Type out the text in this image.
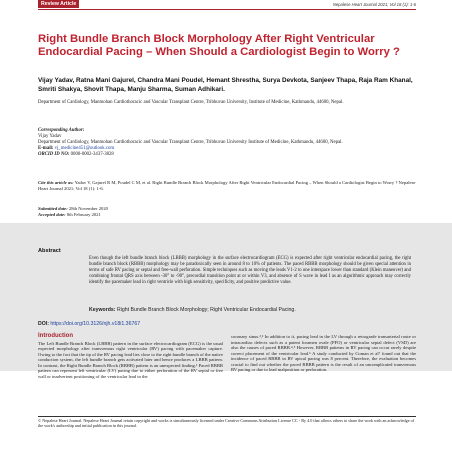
Review Article	Nepalese Heart Journal 2021; Vol 18 (1): 1-6
Right Bundle Branch Block Morphology After Right Ventricular Endocardial Pacing – When Should a Cardiologist Begin to Worry ?
Vijay Yadav, Ratna Mani Gajurel, Chandra Mani Poudel, Hemant Shrestha, Surya Devkota, Sanjeev Thapa, Raja Ram Khanal, Smriti Shakya, Shovit Thapa, Manju Sharma, Suman Adhikari.
Department of Cardiology, Manmohan Cardiothoracic and Vascular Transplant Centre, Tribhuvan University, Institute of Medicine, Kathmandu, 44600, Nepal.
Corresponding Author:
Vijay Yadav
Department of Cardiology, Manmohan Cardiothoracic and Vascular Transplant Centre, Tribhuvan University Institute of Medicine, Kathmandu, 44600, Nepal.
E-mail: vj_medicine451@outlook.com
ORCID ID NO: 0000-0002-3437-3828
Cite this article as: Yadav V, Gajurel R M, Poudel C M, et al. Right Bundle Branch Block Morphology After Right Ventricular Endocardial Pacing – When Should a Cardiologist Begin to Worry ? Nepalese Heart Journal 2021; Vol 18 (1): 1-6.
Submitted date: 28th November 2020
Accepted date: 8th February 2021
Abstract

Even though the left bundle branch block (LBBB) morphology in the surface electrocardiogram (ECG) is expected after right ventricular endocardial pacing, the right bundle branch block (RBBB) morphology may be paradoxically seen in around 8 to 10% of patients. The paced RBBB morphology should be given special attention in terms of safe RV pacing or septal and free-wall perforation. Simple techniques such as moving the leads V1-2 to one interspace lower than standard (Klein maneuver) and combining frontal QRS axis between -30° to -90°, precordial transition point at or within V3, and absence of S wave in lead I as an algorithmic approach may correctly identify the pacemaker lead in right ventricle with high sensitivity, specificity, and positive predictive value.

Keywords: Right Bundle Branch Block Morphology; Right Ventricular Endocardial Pacing.
DOI: https://doi.org/10.3126/njh.v18i1.36767
Introduction

The Left Bundle Branch Block (LBBB) pattern in the surface electrocardiogram (ECG) is the usual expected morphology after transvenous right ventricular (RV) pacing with pacemaker capture. Owing to the fact that the tip of the RV pacing lead lies close to the right bundle branch of the native conduction system, the left bundle branch gets activated later and hence produces a LBBB pattern. In contrast, the Right Bundle Branch Block (RBBB) pattern is an unexpected finding.¹ Paced RBBB pattern can represent left ventricular (LV) pacing due to either perforation of the RV septal or free wall or inadvertent positioning of the ventricular lead in the

coronary sinus.²,³ In addition to it, pacing lead in the LV through a retrograde transarterial route or intracardiac defects such as a patent foramen ovale (PFO) or ventricular septal defect (VSD) are also the causes of paced RBBB.⁴,⁵ However, RBBB patterns in RV pacing can occur rarely despite correct placement of the ventricular lead.⁶ A study conducted by Coman et al⁷ found out that the incidence of paced RBBB in RV apical pacing was 8 percent. Therefore, the evaluation becomes crucial to find out whether the paced RBBB pattern is the result of an uncomplicated transvenous RV pacing or due to lead malposition or perforation.

© Nepalese Heart Journal. Nepalese Heart Journal retain copyright and works is simultaneously licensed under Creative Commons Attribution License CC - By 4.0 that allows others to share the work with an acknowledge of the work's authorship and initial publication in this journal.
